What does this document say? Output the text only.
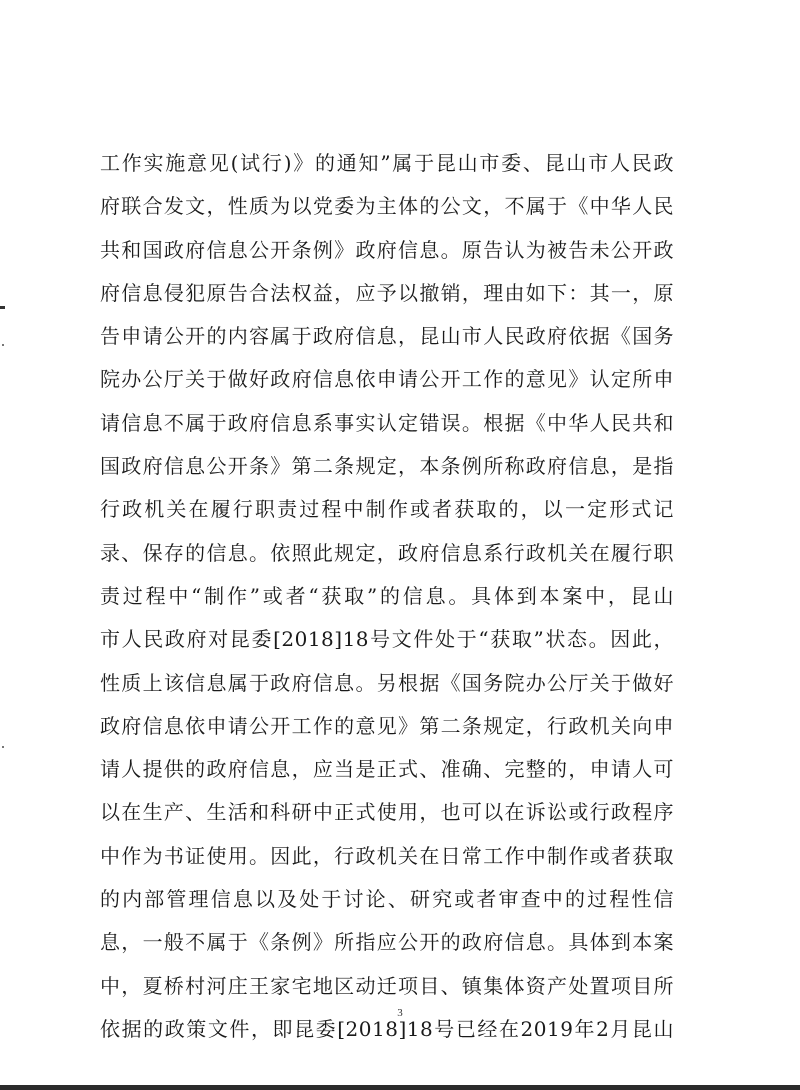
工作实施意见(试行)》的通知”属于昆山市委、昆山市人民政
府联合发文，性质为以党委为主体的公文，不属于《中华人民
共和国政府信息公开条例》政府信息。原告认为被告未公开政
府信息侵犯原告合法权益，应予以撤销，理由如下：其一，原
告申请公开的内容属于政府信息，昆山市人民政府依据《国务
院办公厅关于做好政府信息依申请公开工作的意见》认定所申
请信息不属于政府信息系事实认定错误。根据《中华人民共和
国政府信息公开条》第二条规定，本条例所称政府信息，是指
行政机关在履行职责过程中制作或者获取的，以一定形式记
录、保存的信息。依照此规定，政府信息系行政机关在履行职
责过程中“制作”或者“获取”的信息。具体到本案中，昆山
市人民政府对昆委[2018]18号文件处于“获取”状态。因此，
性质上该信息属于政府信息。另根据《国务院办公厅关于做好
政府信息依申请公开工作的意见》第二条规定，行政机关向申
请人提供的政府信息，应当是正式、准确、完整的，申请人可
以在生产、生活和科研中正式使用，也可以在诉讼或行政程序
中作为书证使用。因此，行政机关在日常工作中制作或者获取
的内部管理信息以及处于讨论、研究或者审查中的过程性信
息，一般不属于《条例》所指应公开的政府信息。具体到本案
中，夏桥村河庄王家宅地区动迁项目、镇集体资产处置项目所
依据的政策文件，即昆委[2018]18号已经在2019年2月昆山
3
